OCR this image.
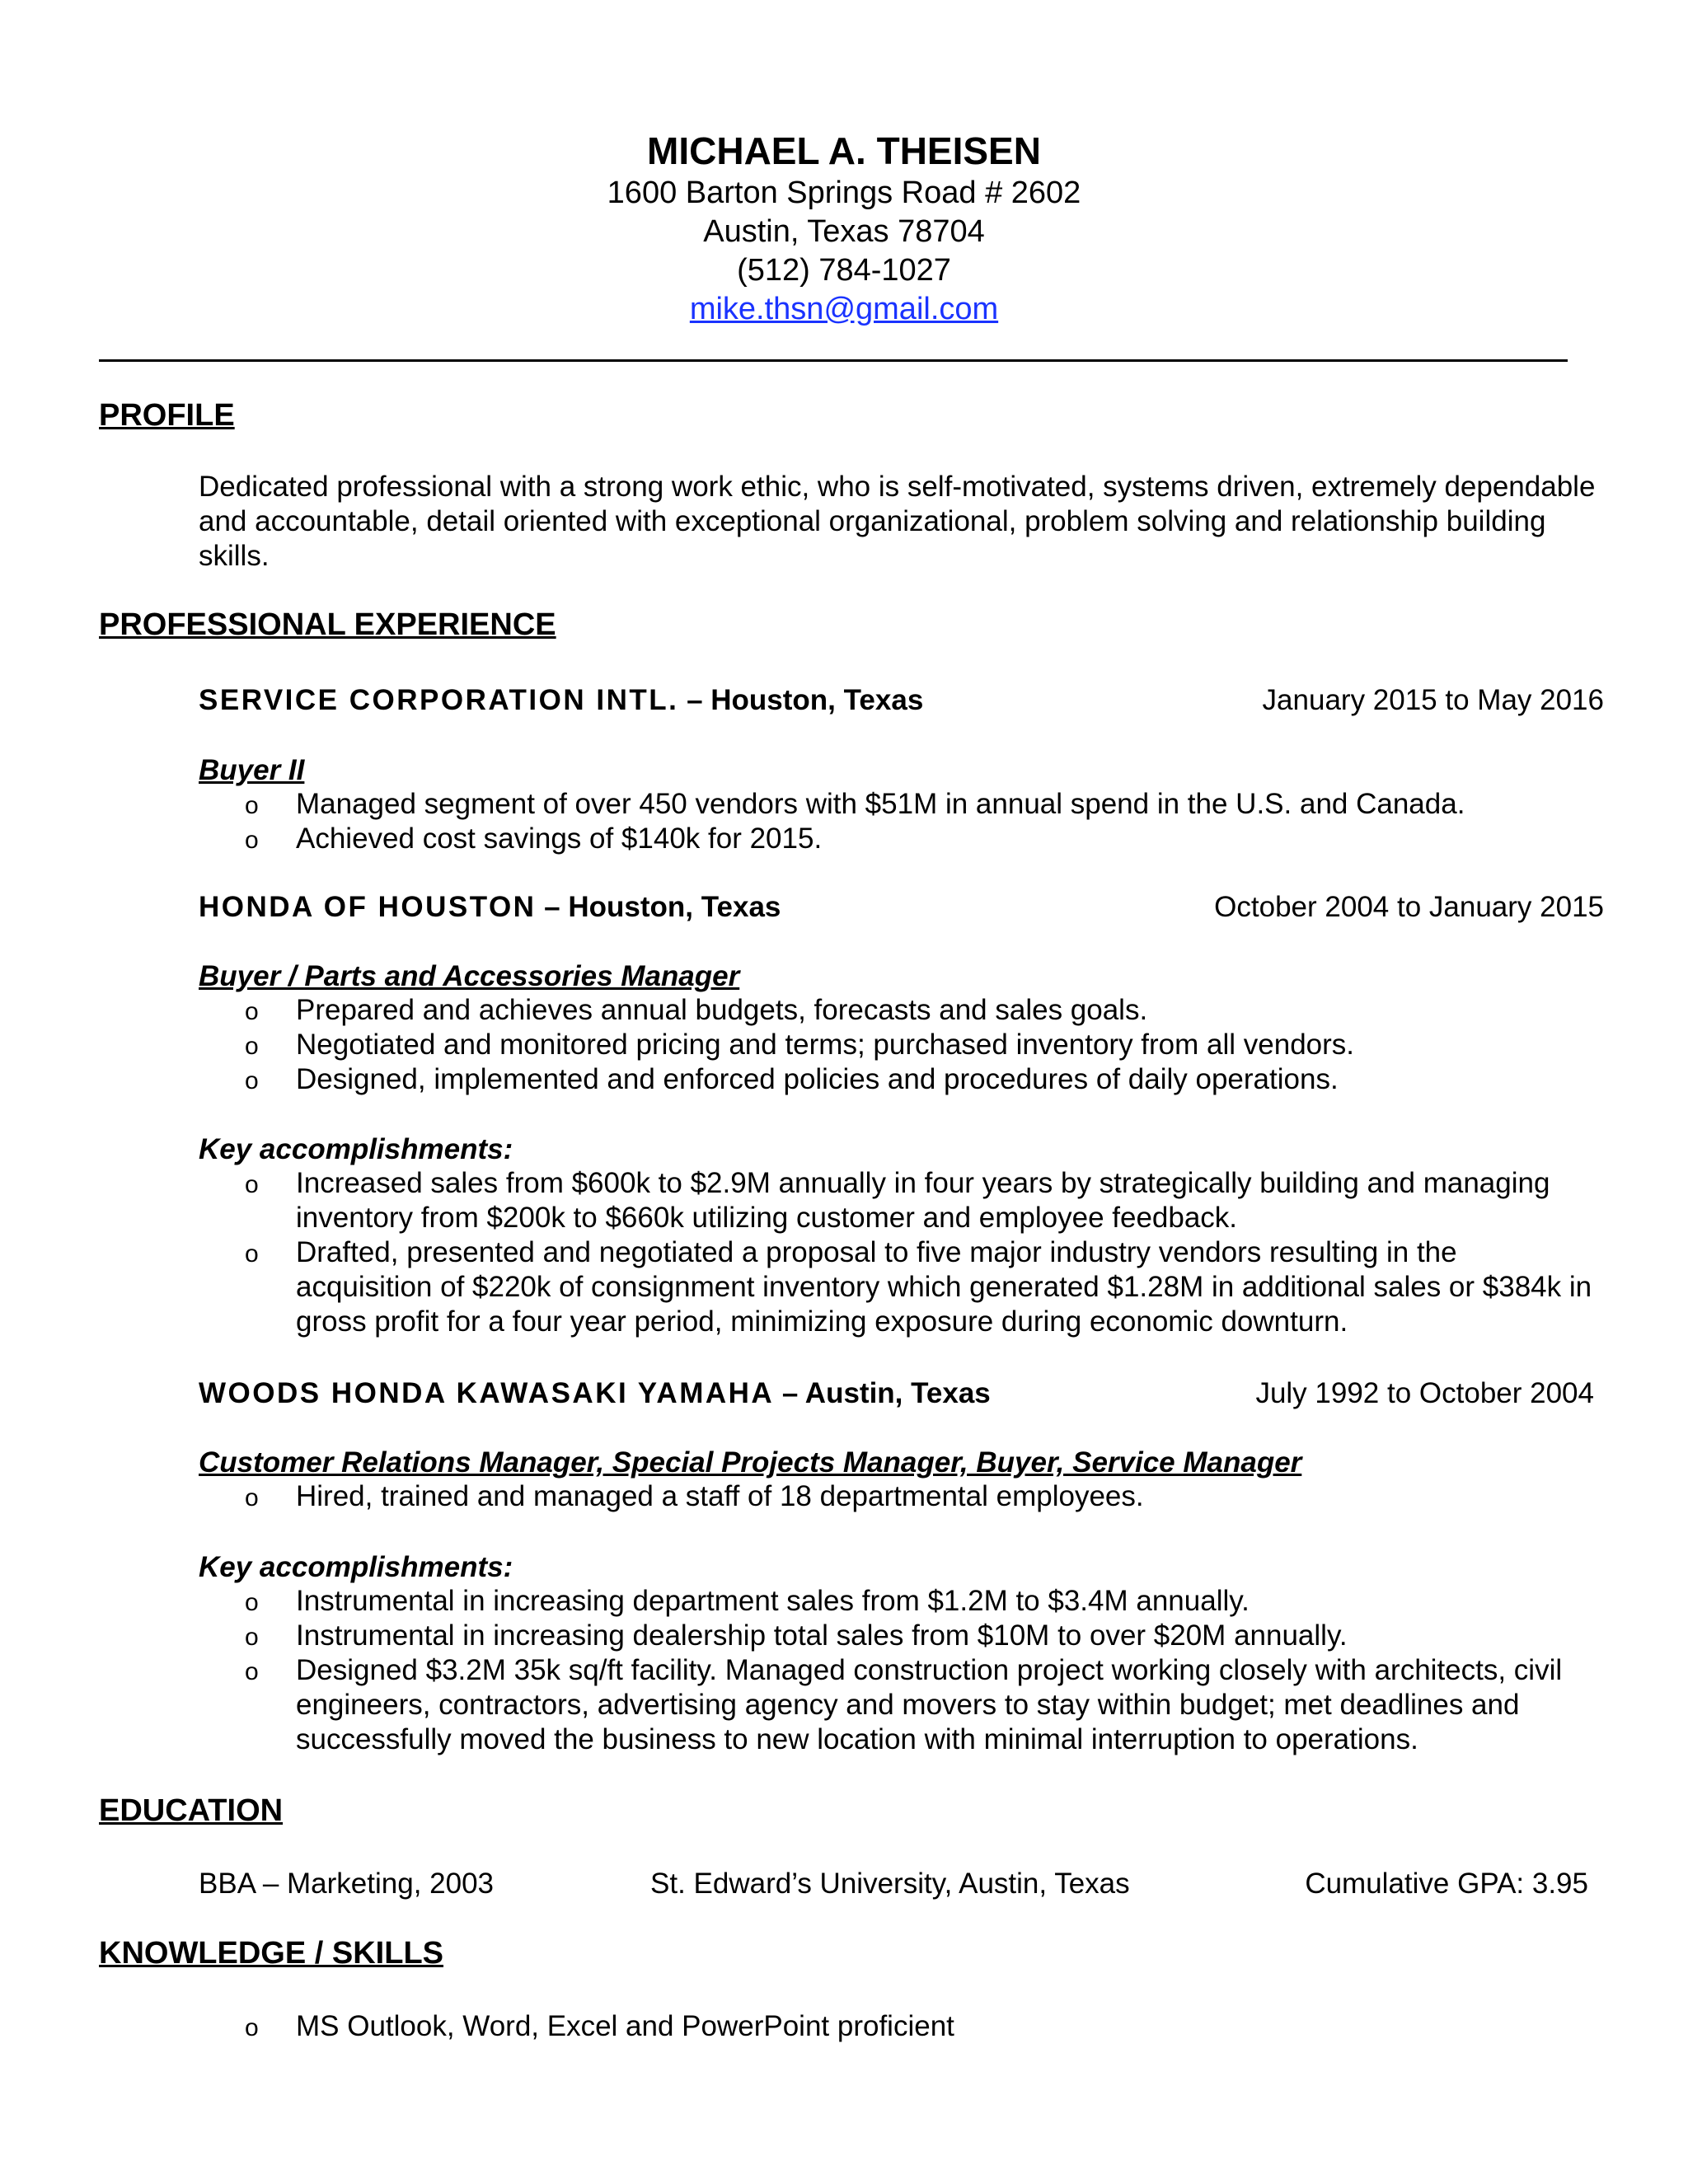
MICHAEL A. THEISEN
1600 Barton Springs Road # 2602
Austin, Texas 78704
(512) 784-1027
mike.thsn@gmail.com
PROFILE
Dedicated professional with a strong work ethic, who is self-motivated, systems driven, extremely dependable and accountable, detail oriented with exceptional organizational, problem solving and relationship building skills.
PROFESSIONAL EXPERIENCE
SERVICE CORPORATION INTL. – Houston, Texas	January 2015 to May 2016
Buyer II
o Managed segment of over 450 vendors with $51M in annual spend in the U.S. and Canada.
o Achieved cost savings of $140k for 2015.
HONDA OF HOUSTON – Houston, Texas	October 2004 to January 2015
Buyer / Parts and Accessories Manager
o Prepared and achieves annual budgets, forecasts and sales goals.
o Negotiated and monitored pricing and terms; purchased inventory from all vendors.
o Designed, implemented and enforced policies and procedures of daily operations.
Key accomplishments:
o Increased sales from $600k to $2.9M annually in four years by strategically building and managing inventory from $200k to $660k utilizing customer and employee feedback.
o Drafted, presented and negotiated a proposal to five major industry vendors resulting in the acquisition of $220k of consignment inventory which generated $1.28M in additional sales or $384k in gross profit for a four year period, minimizing exposure during economic downturn.
WOODS HONDA KAWASAKI YAMAHA – Austin, Texas	July 1992 to October 2004
Customer Relations Manager, Special Projects Manager, Buyer, Service Manager
o Hired, trained and managed a staff of 18 departmental employees.
Key accomplishments:
o Instrumental in increasing department sales from $1.2M to $3.4M annually.
o Instrumental in increasing dealership total sales from $10M to over $20M annually.
o Designed $3.2M 35k sq/ft facility. Managed construction project working closely with architects, civil engineers, contractors, advertising agency and movers to stay within budget; met deadlines and successfully moved the business to new location with minimal interruption to operations.
EDUCATION
BBA – Marketing, 2003	St. Edward’s University, Austin, Texas	Cumulative GPA: 3.95
KNOWLEDGE / SKILLS
o MS Outlook, Word, Excel and PowerPoint proficient
